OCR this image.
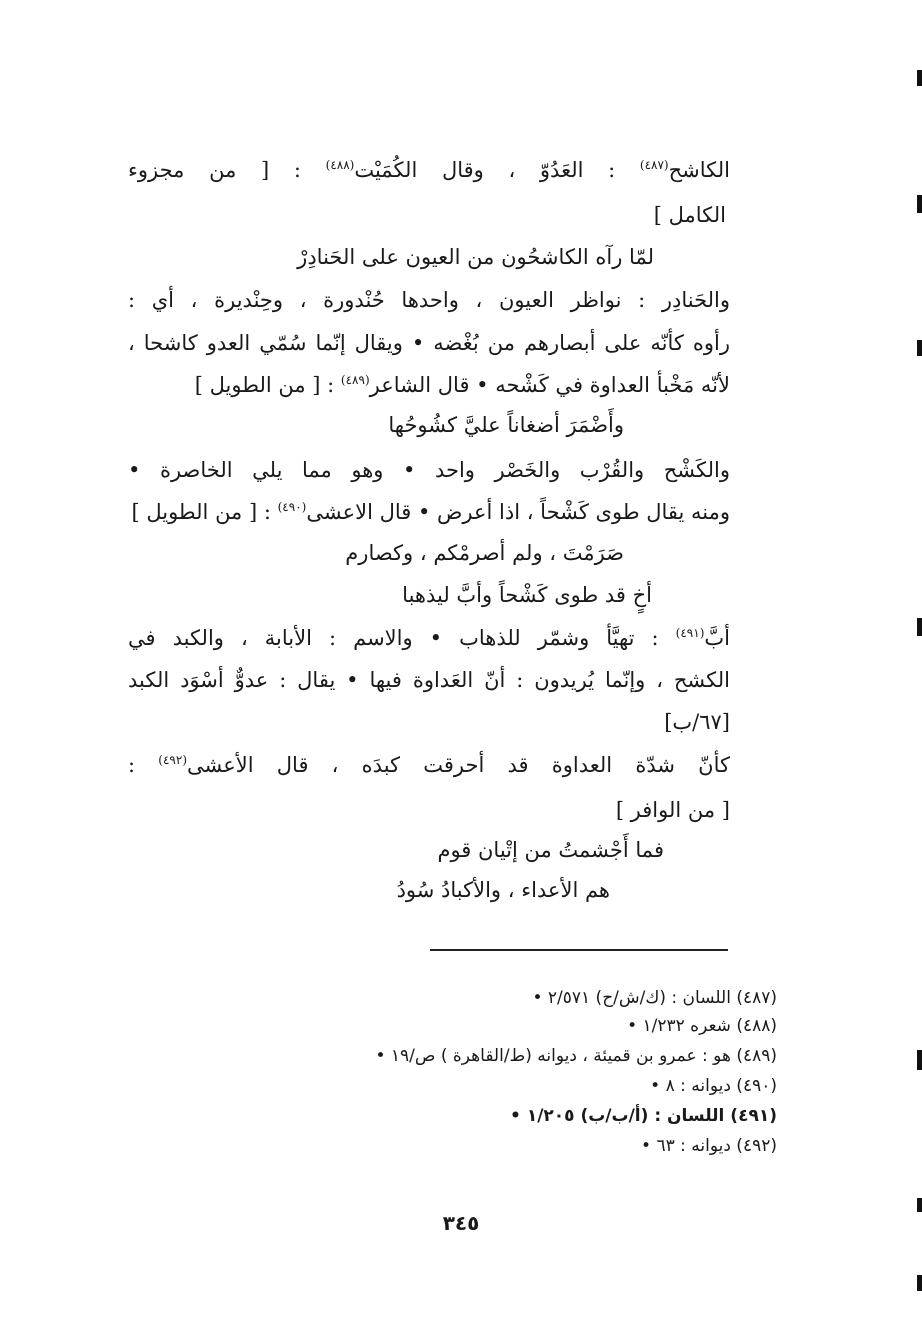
الكاشح$^{(٤٨٧)}$ : العَدُوّ ، وقال الكُمَيْت$^{(٤٨٨)}$ : [ من مجزوء
الكامل ]
لمّا رآه الكاشحُون من العيون على الحَنادِرْ
والحَنادِر : نواظر العيون ، واحدها حُنْدورة ، وحِنْديرة ، أي :
رأوه كأنّه على أبصارهم من بُغْضه • ويقال إنّما سُمّي العدو كاشحا ،
لأنّه مَخْبأ العداوة في كَشْحه • قال الشاعر$^{(٤٨٩)}$ : [ من الطويل ]
وأَضْمَرَ أضغاناً عليَّ كشُوحُها
والكَشْح والقُرْب والخَصْر واحد • وهو مما يلي الخاصرة •
ومنه يقال طوى كَشْحاً ، اذا أعرض • قال الاعشى$^{(٤٩٠)}$ : [ من الطويل ]
صَرَمْتَ ، ولم أصرمْكم ، وكصارم
أخٍ قد طوى كَشْحاً وأبَّ ليذهبا
أبَّ$^{(٤٩١)}$ : تهيَّأ وشمّر للذهاب • والاسم : الأبابة ، والكبد في
الكشح ، وإنّما يُريدون : أنّ العَداوة فيها • يقال : عدوٌّ أسْوَد الكبد
[٦٧/ب]
كأنّ شدّة العداوة قد أحرقت كبدَه ، قال الأعشى$^{(٤٩٢)}$ :
[ من الوافر ]
فما أَجْشمتُ من إتْيان قوم
هم الأعداء ، والأكبادُ سُودُ
(٤٨٧) اللسان : (ك/ش/ح) ٢/٥٧١ •
(٤٨٨) شعره ١/٢٣٢ •
(٤٨٩) هو : عمرو بن قميئة ، ديوانه (ط/القاهرة ) ص/١٩ •
(٤٩٠) ديوانه : ٨ •
(٤٩١) اللسان : (أ/ب/ب) ١/٢٠٥ •
(٤٩٢) ديوانه : ٦٣ •
٣٤٥
